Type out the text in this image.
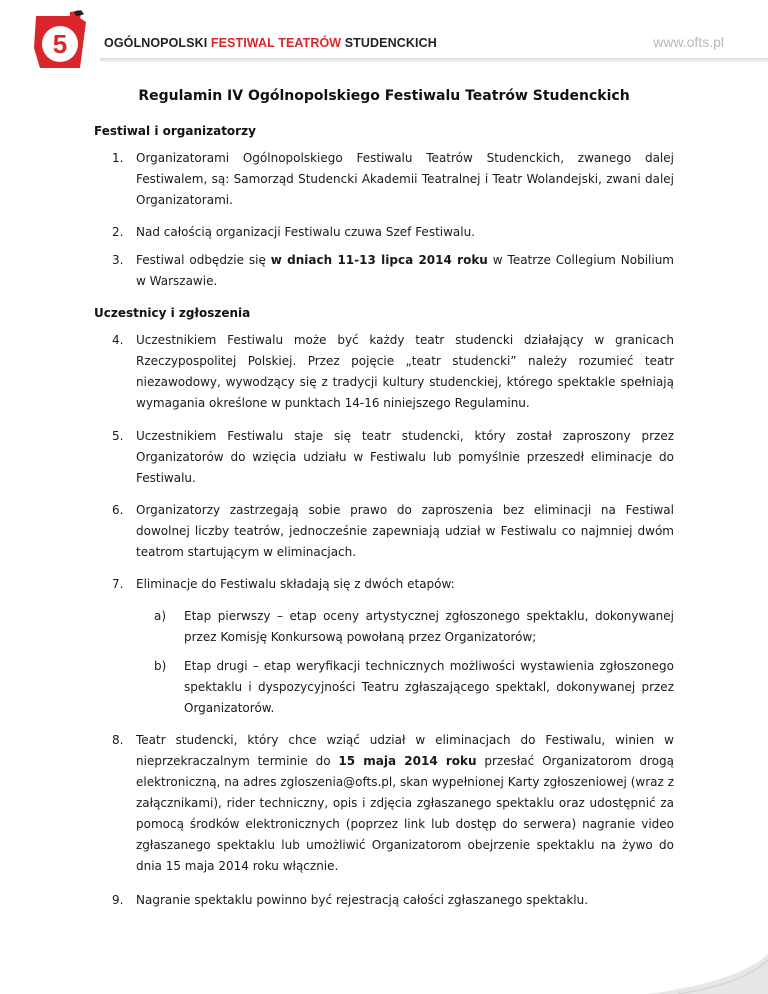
5	OGÓLNOPOLSKI FESTIWAL TEATRÓW STUDENCKICH	www.ofts.pl
Regulamin IV Ogólnopolskiego Festiwalu Teatrów Studenckich
Festiwal i organizatorzy
1. Organizatorami Ogólnopolskiego Festiwalu Teatrów Studenckich, zwanego dalej Festiwalem, są: Samorząd Studencki Akademii Teatralnej i Teatr Wolandejski, zwani dalej Organizatorami.
2. Nad całością organizacji Festiwalu czuwa Szef Festiwalu.
3. Festiwal odbędzie się w dniach 11-13 lipca 2014 roku w Teatrze Collegium Nobilium w Warszawie.
Uczestnicy i zgłoszenia
4. Uczestnikiem Festiwalu może być każdy teatr studencki działający w granicach Rzeczypospolitej Polskiej. Przez pojęcie „teatr studencki” należy rozumieć teatr niezawodowy, wywodzący się z tradycji kultury studenckiej, którego spektakle spełniają wymagania określone w punktach 14-16 niniejszego Regulaminu.
5. Uczestnikiem Festiwalu staje się teatr studencki, który został zaproszony przez Organizatorów do wzięcia udziału w Festiwalu lub pomyślnie przeszedł eliminacje do Festiwalu.
6. Organizatorzy zastrzegają sobie prawo do zaproszenia bez eliminacji na Festiwal dowolnej liczby teatrów, jednocześnie zapewniają udział w Festiwalu co najmniej dwóm teatrom startującym w eliminacjach.
7. Eliminacje do Festiwalu składają się z dwóch etapów:
a) Etap pierwszy – etap oceny artystycznej zgłoszonego spektaklu, dokonywanej przez Komisję Konkursową powołaną przez Organizatorów;
b) Etap drugi – etap weryfikacji technicznych możliwości wystawienia zgłoszonego spektaklu i dyspozycyjności Teatru zgłaszającego spektakl, dokonywanej przez Organizatorów.
8. Teatr studencki, który chce wziąć udział w eliminacjach do Festiwalu, winien w nieprzekraczalnym terminie do 15 maja 2014 roku przesłać Organizatorom drogą elektroniczną, na adres zgloszenia@ofts.pl, skan wypełnionej Karty zgłoszeniowej (wraz z załącznikami), rider techniczny, opis i zdjęcia zgłaszanego spektaklu oraz udostępnić za pomocą środków elektronicznych (poprzez link lub dostęp do serwera) nagranie video zgłaszanego spektaklu lub umożliwić Organizatorom obejrzenie spektaklu na żywo do dnia 15 maja 2014 roku włącznie.
9. Nagranie spektaklu powinno być rejestracją całości zgłaszanego spektaklu.
